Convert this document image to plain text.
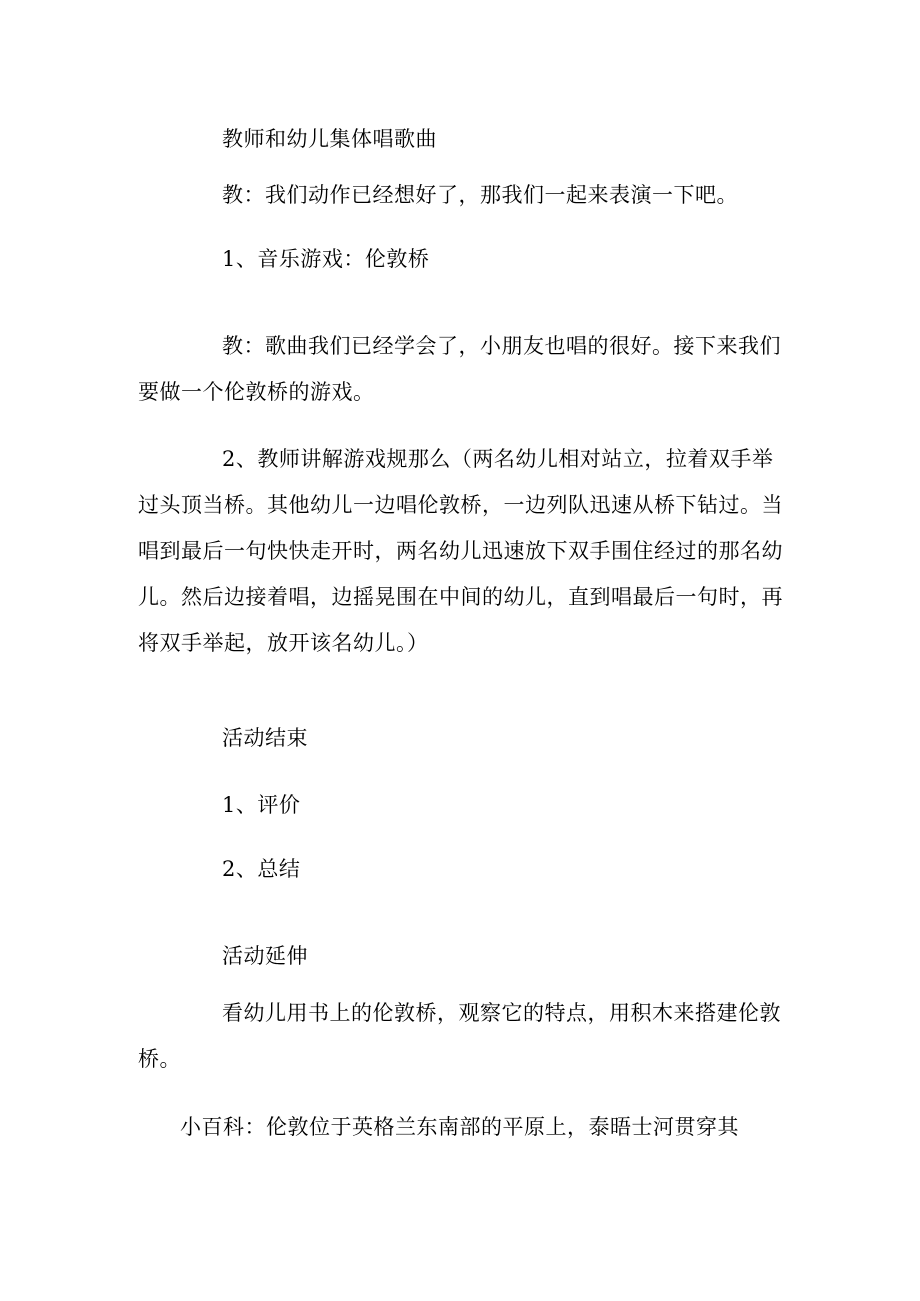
教师和幼儿集体唱歌曲

教：我们动作已经想好了，那我们一起来表演一下吧。

1、音乐游戏：伦敦桥

教：歌曲我们已经学会了，小朋友也唱的很好。接下来我们要做一个伦敦桥的游戏。

2、教师讲解游戏规那么（两名幼儿相对站立，拉着双手举过头顶当桥。其他幼儿一边唱伦敦桥，一边列队迅速从桥下钻过。当唱到最后一句快快走开时，两名幼儿迅速放下双手围住经过的那名幼儿。然后边接着唱，边摇晃围在中间的幼儿，直到唱最后一句时，再将双手举起，放开该名幼儿。）

活动结束

1、评价

2、总结

活动延伸

看幼儿用书上的伦敦桥，观察它的特点，用积木来搭建伦敦桥。

小百科：伦敦位于英格兰东南部的平原上，泰晤士河贯穿其
